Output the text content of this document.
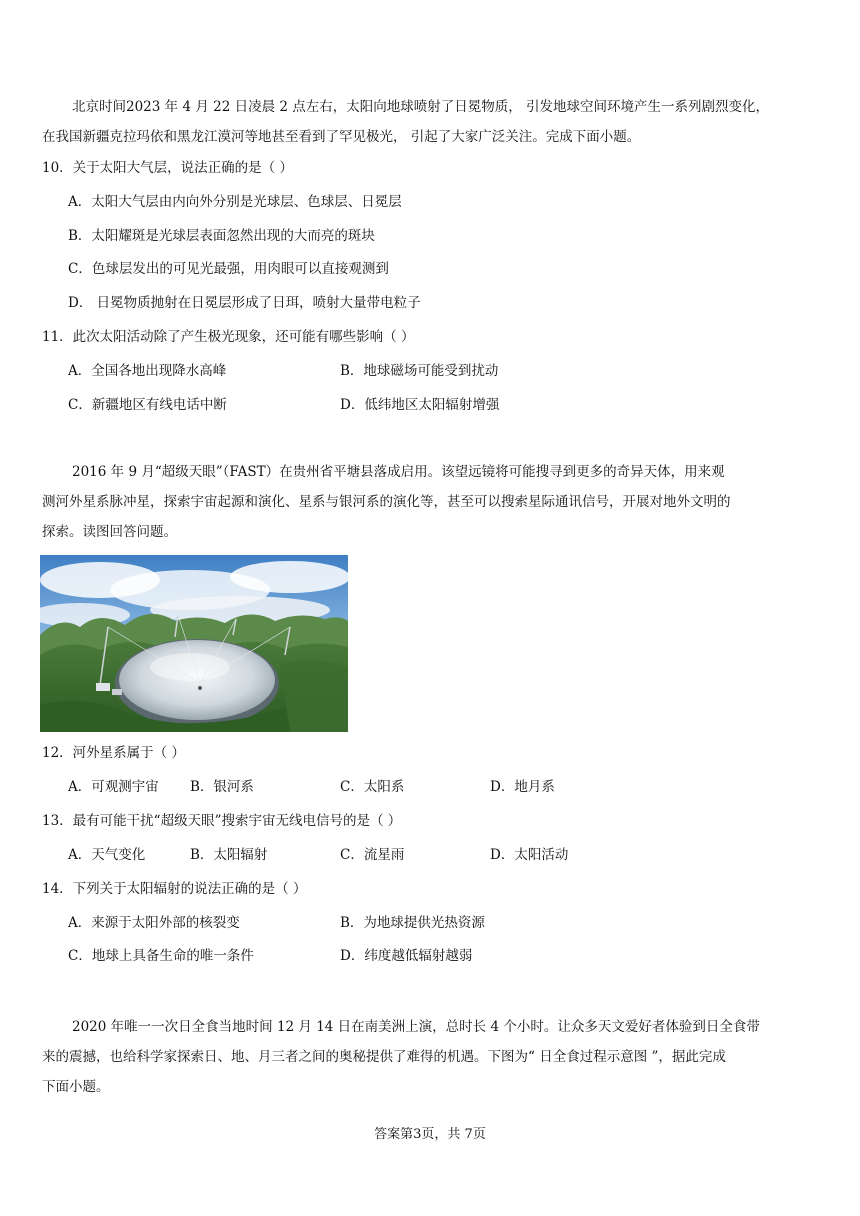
北京时间2023 年 4 月 22 日凌晨 2 点左右，太阳向地球喷射了日冕物质， 引发地球空间环境产生一系列剧烈变化，
在我国新疆克拉玛依和黑龙江漠河等地甚至看到了罕见极光， 引起了大家广泛关注。完成下面小题。
10．关于太阳大气层，说法正确的是（ ）
A．太阳大气层由内向外分别是光球层、色球层、日冕层
B．太阳耀斑是光球层表面忽然出现的大而亮的斑块
C．色球层发出的可见光最强，用肉眼可以直接观测到
D． 日冕物质抛射在日冕层形成了日珥，喷射大量带电粒子
11．此次太阳活动除了产生极光现象，还可能有哪些影响（ ）
A．全国各地出现降水高峰	B．地球磁场可能受到扰动
C．新疆地区有线电话中断	D．低纬地区太阳辐射增强
2016 年 9 月“超级天眼”（FAST）在贵州省平塘县落成启用。该望远镜将可能搜寻到更多的奇异天体，用来观
测河外星系脉冲星，探索宇宙起源和演化、星系与银河系的演化等，甚至可以搜索星际通讯信号，开展对地外文明的
探索。读图回答问题。
12．河外星系属于（ ）
A．可观测宇宙 B．银河系	C．太阳系	D．地月系
13．最有可能干扰“超级天眼”搜索宇宙无线电信号的是（ ）
A．天气变化	B．太阳辐射	C．流星雨	D．太阳活动
14．下列关于太阳辐射的说法正确的是（ ）
A．来源于太阳外部的核裂变	B．为地球提供光热资源
C．地球上具备生命的唯一条件	D．纬度越低辐射越弱
2020 年唯一一次日全食当地时间 12 月 14 日在南美洲上演，总时长 4 个小时。让众多天文爱好者体验到日全食带
来的震撼，也给科学家探索日、地、月三者之间的奥秘提供了难得的机遇。下图为“ 日全食过程示意图 ”，据此完成
下面小题。
答案第3页，共 7页
